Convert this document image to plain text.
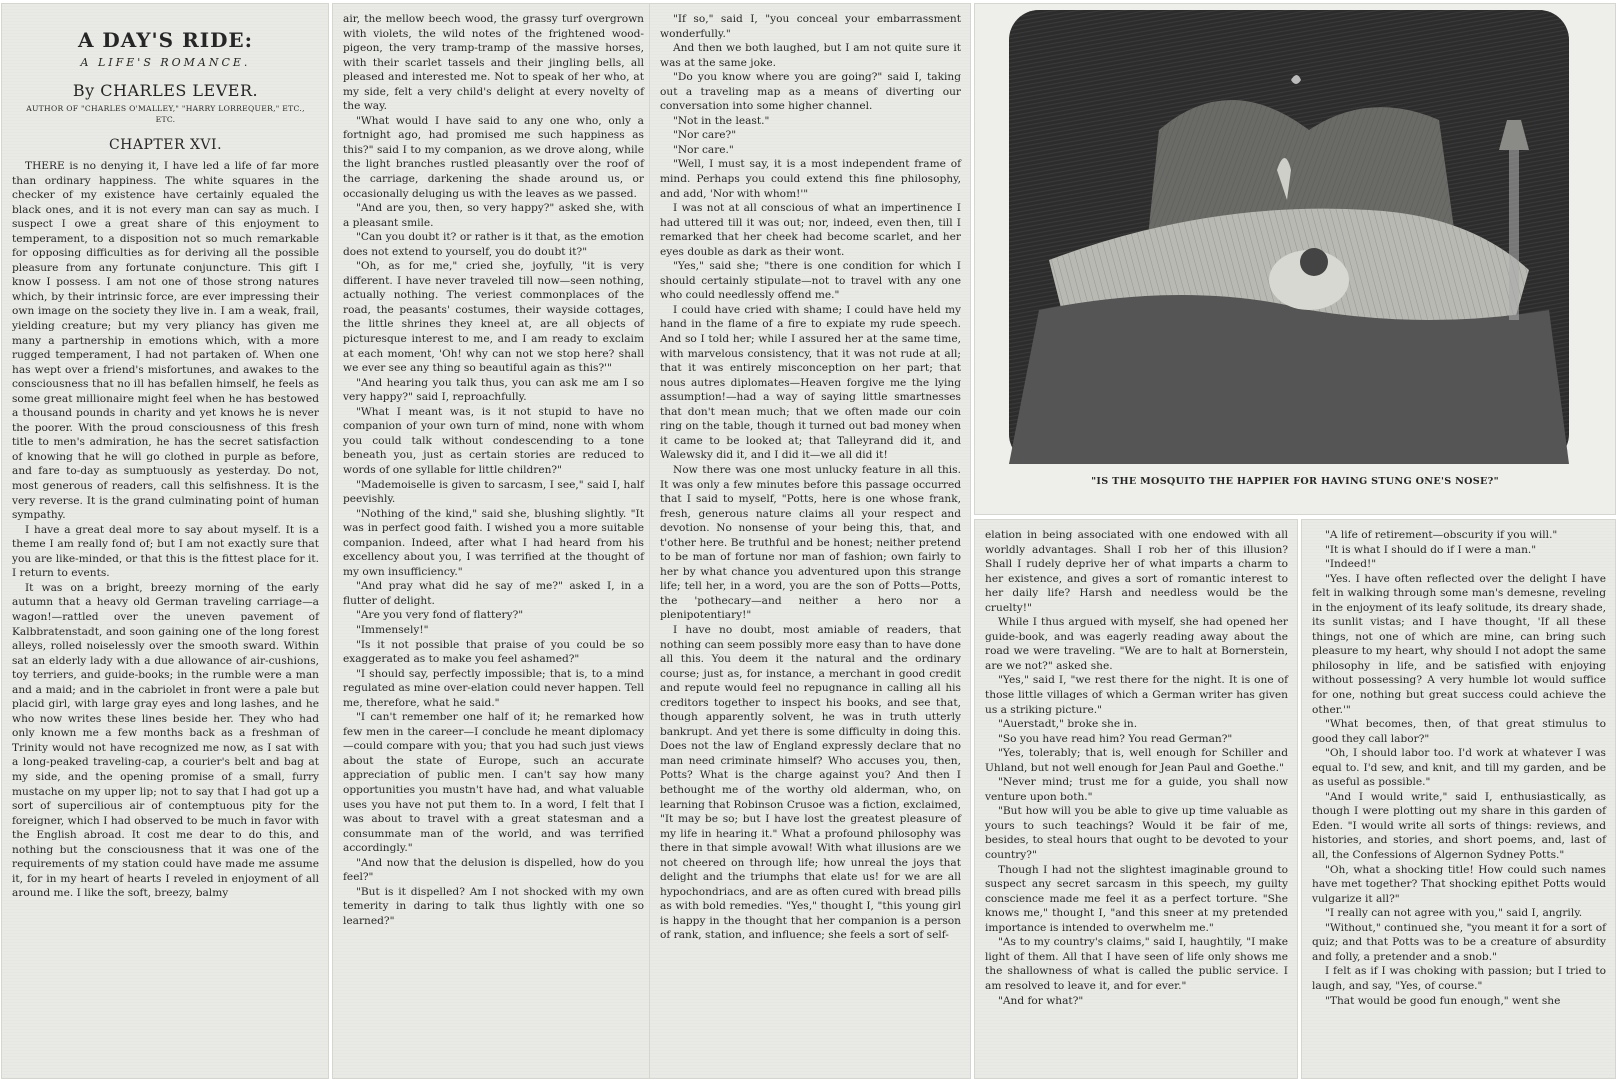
A DAY'S RIDE:
A LIFE'S ROMANCE.
By CHARLES LEVER.
AUTHOR OF "CHARLES O'MALLEY," "HARRY LORREQUER," ETC., ETC.
CHAPTER XVI.

THERE is no denying it, I have led a life of far more than ordinary happiness. The white squares in the checker of my existence have certainly equaled the black ones, and it is not every man can say as much. I suspect I owe a great share of this enjoyment to temperament, to a disposition not so much remarkable for opposing difficulties as for deriving all the possible pleasure from any fortunate conjuncture. This gift I know I possess. I am not one of those strong natures which, by their intrinsic force, are ever impressing their own image on the society they live in. I am a weak, frail, yielding creature; but my very pliancy has given me many a partnership in emotions which, with a more rugged temperament, I had not partaken of. When one has wept over a friend's misfortunes, and awakes to the consciousness that no ill has befallen himself, he feels as some great millionaire might feel when he has bestowed a thousand pounds in charity and yet knows he is never the poorer. With the proud consciousness of this fresh title to men's admiration, he has the secret satisfaction of knowing that he will go clothed in purple as before, and fare to-day as sumptuously as yesterday. Do not, most generous of readers, call this selfishness. It is the very reverse. It is the grand culminating point of human sympathy.

I have a great deal more to say about myself. It is a theme I am really fond of; but I am not exactly sure that you are like-minded, or that this is the fittest place for it. I return to events.

It was on a bright, breezy morning of the early autumn that a heavy old German traveling carriage—a wagon!—rattled over the uneven pavement of Kalbbratenstadt, and soon gaining one of the long forest alleys, rolled noiselessly over the smooth sward. Within sat an elderly lady with a due allowance of air-cushions, toy terriers, and guide-books; in the rumble were a man and a maid; and in the cabriolet in front were a pale but placid girl, with large gray eyes and long lashes, and he who now writes these lines beside her. They who had only known me a few months back as a freshman of Trinity would not have recognized me now, as I sat with a long-peaked traveling-cap, a courier's belt and bag at my side, and the opening promise of a small, furry mustache on my upper lip; not to say that I had got up a sort of supercilious air of contemptuous pity for the foreigner, which I had observed to be much in favor with the English abroad. It cost me dear to do this, and nothing but the consciousness that it was one of the requirements of my station could have made me assume it, for in my heart of hearts I reveled in enjoyment of all around me. I like the soft, breezy, balmy

air, the mellow beech wood, the grassy turf overgrown with violets, the wild notes of the frightened wood-pigeon, the very tramp-tramp of the massive horses, with their scarlet tassels and their jingling bells, all pleased and interested me. Not to speak of her who, at my side, felt a very child's delight at every novelty of the way.

"What would I have said to any one who, only a fortnight ago, had promised me such happiness as this?" said I to my companion, as we drove along, while the light branches rustled pleasantly over the roof of the carriage, darkening the shade around us, or occasionally deluging us with the leaves as we passed.

"And are you, then, so very happy?" asked she, with a pleasant smile.

"Can you doubt it? or rather is it that, as the emotion does not extend to yourself, you do doubt it?"

"Oh, as for me," cried she, joyfully, "it is very different. I have never traveled till now—seen nothing, actually nothing. The veriest commonplaces of the road, the peasants' costumes, their wayside cottages, the little shrines they kneel at, are all objects of picturesque interest to me, and I am ready to exclaim at each moment, 'Oh! why can not we stop here? shall we ever see any thing so beautiful again as this?'"

"And hearing you talk thus, you can ask me am I so very happy?" said I, reproachfully.

"What I meant was, is it not stupid to have no companion of your own turn of mind, none with whom you could talk without condescending to a tone beneath you, just as certain stories are reduced to words of one syllable for little children?"

"Mademoiselle is given to sarcasm, I see," said I, half peevishly.

"Nothing of the kind," said she, blushing slightly. "It was in perfect good faith. I wished you a more suitable companion. Indeed, after what I had heard from his excellency about you, I was terrified at the thought of my own insufficiency."

"And pray what did he say of me?" asked I, in a flutter of delight.

"Are you very fond of flattery?"

"Immensely!"

"Is it not possible that praise of you could be so exaggerated as to make you feel ashamed?"

"I should say, perfectly impossible; that is, to a mind regulated as mine over-elation could never happen. Tell me, therefore, what he said."

"I can't remember one half of it; he remarked how few men in the career—I conclude he meant diplomacy—could compare with you; that you had such just views about the state of Europe, such an accurate appreciation of public men. I can't say how many opportunities you mustn't have had, and what valuable uses you have not put them to. In a word, I felt that I was about to travel with a great statesman and a consummate man of the world, and was terrified accordingly."

"And now that the delusion is dispelled, how do you feel?"

"But is it dispelled? Am I not shocked with my own temerity in daring to talk thus lightly with one so learned?"

"If so," said I, "you conceal your embarrassment wonderfully."

And then we both laughed, but I am not quite sure it was at the same joke.

"Do you know where you are going?" said I, taking out a traveling map as a means of diverting our conversation into some higher channel.

"Not in the least."

"Nor care?"

"Nor care."

"Well, I must say, it is a most independent frame of mind. Perhaps you could extend this fine philosophy, and add, 'Nor with whom!'"

I was not at all conscious of what an impertinence I had uttered till it was out; nor, indeed, even then, till I remarked that her cheek had become scarlet, and her eyes double as dark as their wont.

"Yes," said she; "there is one condition for which I should certainly stipulate—not to travel with any one who could needlessly offend me."

I could have cried with shame; I could have held my hand in the flame of a fire to expiate my rude speech. And so I told her; while I assured her at the same time, with marvelous consistency, that it was not rude at all; that it was entirely misconception on her part; that nous autres diplomates—Heaven forgive me the lying assumption!—had a way of saying little smartnesses that don't mean much; that we often made our coin ring on the table, though it turned out bad money when it came to be looked at; that Talleyrand did it, and Walewsky did it, and I did it—we all did it!

Now there was one most unlucky feature in all this. It was only a few minutes before this passage occurred that I said to myself, "Potts, here is one whose frank, fresh, generous nature claims all your respect and devotion. No nonsense of your being this, that, and t'other here. Be truthful and be honest; neither pretend to be man of fortune nor man of fashion; own fairly to her by what chance you adventured upon this strange life; tell her, in a word, you are the son of Potts—Potts, the 'pothecary—and neither a hero nor a plenipotentiary!"

I have no doubt, most amiable of readers, that nothing can seem possibly more easy than to have done all this. You deem it the natural and the ordinary course; just as, for instance, a merchant in good credit and repute would feel no repugnance in calling all his creditors together to inspect his books, and see that, though apparently solvent, he was in truth utterly bankrupt. And yet there is some difficulty in doing this. Does not the law of England expressly declare that no man need criminate himself? Who accuses you, then, Potts? What is the charge against you? And then I bethought me of the worthy old alderman, who, on learning that Robinson Crusoe was a fiction, exclaimed, "It may be so; but I have lost the greatest pleasure of my life in hearing it." What a profound philosophy was there in that simple avowal! With what illusions are we not cheered on through life; how unreal the joys that delight and the triumphs that elate us! for we are all hypochondriacs, and are as often cured with bread pills as with bold remedies. "Yes," thought I, "this young girl is happy in the thought that her companion is a person of rank, station, and influence; she feels a sort of self-

"IS THE MOSQUITO THE HAPPIER FOR HAVING STUNG ONE'S NOSE?"

elation in being associated with one endowed with all worldly advantages. Shall I rob her of this illusion? Shall I rudely deprive her of what imparts a charm to her existence, and gives a sort of romantic interest to her daily life? Harsh and needless would be the cruelty!"

While I thus argued with myself, she had opened her guide-book, and was eagerly reading away about the road we were traveling. "We are to halt at Bornerstein, are we not?" asked she.

"Yes," said I, "we rest there for the night. It is one of those little villages of which a German writer has given us a striking picture."

"Auerstadt," broke she in.

"So you have read him? You read German?"

"Yes, tolerably; that is, well enough for Schiller and Uhland, but not well enough for Jean Paul and Goethe."

"Never mind; trust me for a guide, you shall now venture upon both."

"But how will you be able to give up time valuable as yours to such teachings? Would it be fair of me, besides, to steal hours that ought to be devoted to your country?"

Though I had not the slightest imaginable ground to suspect any secret sarcasm in this speech, my guilty conscience made me feel it as a perfect torture. "She knows me," thought I, "and this sneer at my pretended importance is intended to overwhelm me."

"As to my country's claims," said I, haughtily, "I make light of them. All that I have seen of life only shows me the shallowness of what is called the public service. I am resolved to leave it, and for ever."

"And for what?"

"A life of retirement—obscurity if you will."

"It is what I should do if I were a man."

"Indeed!"

"Yes. I have often reflected over the delight I have felt in walking through some man's demesne, reveling in the enjoyment of its leafy solitude, its dreary shade, its sunlit vistas; and I have thought, 'If all these things, not one of which are mine, can bring such pleasure to my heart, why should I not adopt the same philosophy in life, and be satisfied with enjoying without possessing? A very humble lot would suffice for one, nothing but great success could achieve the other.'"

"What becomes, then, of that great stimulus to good they call labor?"

"Oh, I should labor too. I'd work at whatever I was equal to. I'd sew, and knit, and till my garden, and be as useful as possible."

"And I would write," said I, enthusiastically, as though I were plotting out my share in this garden of Eden. "I would write all sorts of things: reviews, and histories, and stories, and short poems, and, last of all, the Confessions of Algernon Sydney Potts."

"Oh, what a shocking title! How could such names have met together? That shocking epithet Potts would vulgarize it all?"

"I really can not agree with you," said I, angrily.

"Without," continued she, "you meant it for a sort of quiz; and that Potts was to be a creature of absurdity and folly, a pretender and a snob."

I felt as if I was choking with passion; but I tried to laugh, and say, "Yes, of course."

"That would be good fun enough," went she
